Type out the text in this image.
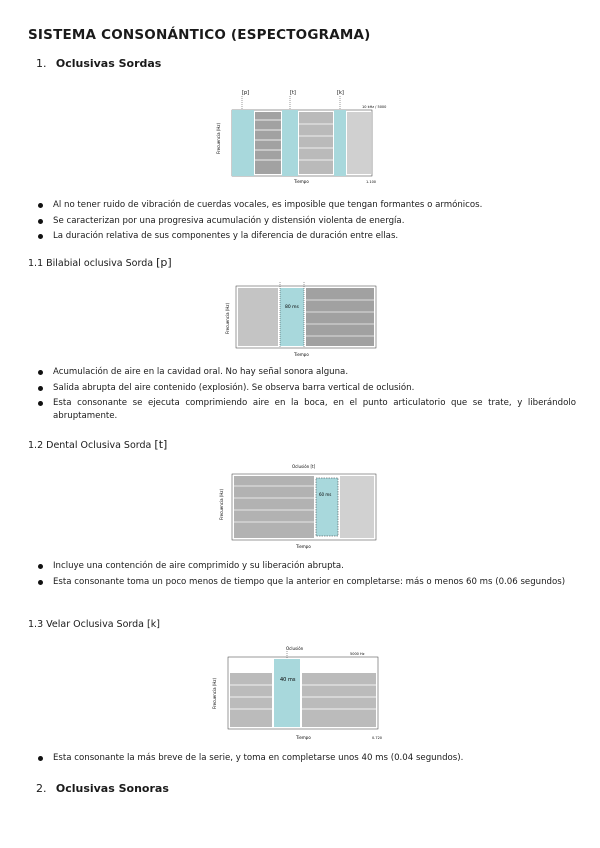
SISTEMA CONSONÁNTICO (ESPECTOGRAMA)
1. Oclusivas Sordas
[p]	[t]	[k]
10 kHz / 5000
Frecuencia (Hz)
Tiempo	1.100
Al no tener ruido de vibración de cuerdas vocales, es imposible que tengan formantes o armónicos.
Se caracterizan por una progresiva acumulación y distensión violenta de energía.
La duración relativa de sus componentes y la diferencia de duración entre ellas.
1.1 Bilabial oclusiva Sorda [p]
80 ms
Frecuencia (Hz)
Tiempo
Acumulación de aire en la cavidad oral. No hay señal sonora alguna.
Salida abrupta del aire contenido (explosión). Se observa barra vertical de oclusión.
Esta consonante se ejecuta comprimiendo aire en la boca, en el punto articulatorio que se trate, y liberándolo abruptamente.
1.2 Dental Oclusiva Sorda [t]
Oclusión [t]
60 ms
Frecuencia (Hz)
Tiempo
Incluye una contención de aire comprimido y su liberación abrupta.
Esta consonante toma un poco menos de tiempo que la anterior en completarse: más o menos 60 ms (0.06 segundos)
1.3 Velar Oclusiva Sorda [k]
Oclusión
5000 Hz
40 ms
Frecuencia (Hz)
Tiempo	0.720
Esta consonante la más breve de la serie, y toma en completarse unos 40 ms (0.04 segundos).
2. Oclusivas Sonoras
